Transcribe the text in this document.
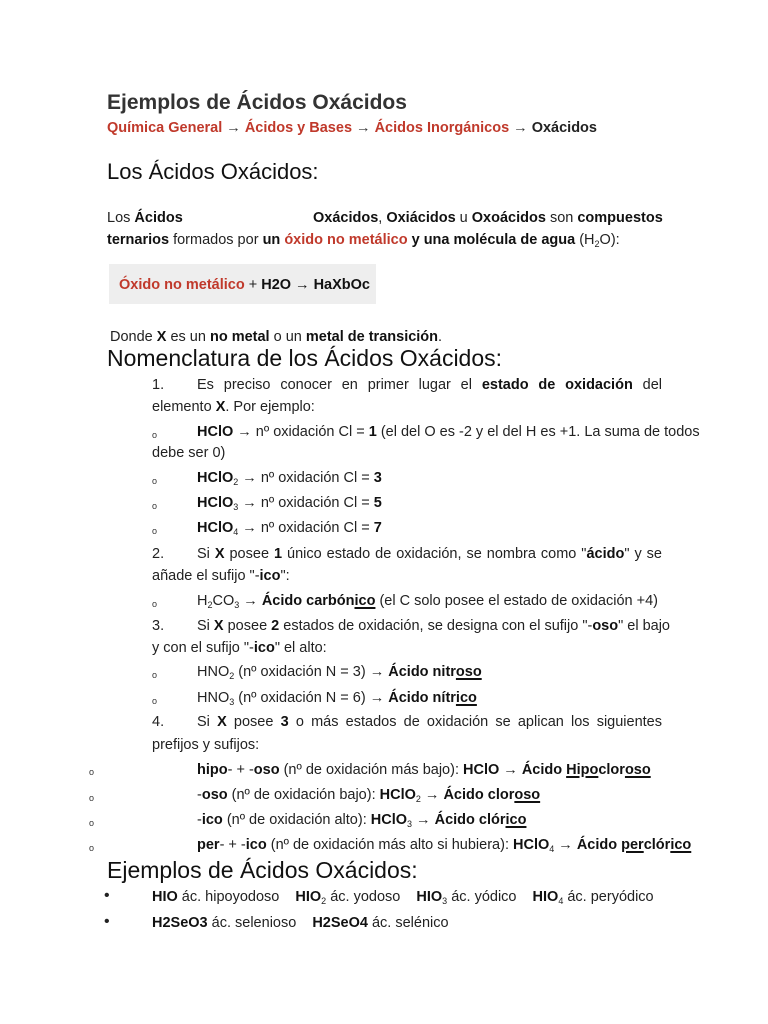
Ejemplos de Ácidos Oxácidos
Química General → Ácidos y Bases → Ácidos Inorgánicos → Oxácidos
Los Ácidos Oxácidos:
Los Ácidos	Oxácidos, Oxiácidos u Oxoácidos son compuestos
ternarios formados por un óxido no metálico y una molécula de agua $(H_2O)$:
Óxido no metálico + H2O → HaXbOc
Donde X es un no metal o un metal de transición.
Nomenclatura de los Ácidos Oxácidos:
1. Es preciso conocer en primer lugar el estado de oxidación del
elemento X. Por ejemplo:
o	HClO → nº oxidación Cl = 1 (el del O es -2 y el del H es +1. La suma de todos
debe ser 0)
o	HClO$_2$ → nº oxidación Cl = 3
o	HClO$_3$ → nº oxidación Cl = 5
o	HClO$_4$ → nº oxidación Cl = 7
2. Si X posee 1 único estado de oxidación, se nombra como "ácido" y se
añade el sufijo "-ico":
o	$H_2CO_3$ → Ácido carbónico (el C solo posee el estado de oxidación +4)
3. Si X posee 2 estados de oxidación, se designa con el sufijo "-oso" el bajo
y con el sufijo "-ico" el alto:
o	$HNO_2$ (nº oxidación N = 3) → Ácido nitroso
o	$HNO_3$ (nº oxidación N = 6) → Ácido nítrico
4. Si X posee 3 o más estados de oxidación se aplican los siguientes
prefijos y sufijos:
o	hipo- + -oso (nº de oxidación más bajo): HClO → Ácido Hipocloroso
o	-oso (nº de oxidación bajo): HClO$_2$ → Ácido cloroso
o	-ico (nº de oxidación alto): HClO$_3$ → Ácido clórico
o	per- + -ico (nº de oxidación más alto si hubiera): HClO$_4$ → Ácido perclórico
Ejemplos de Ácidos Oxácidos:
•	HIO ác. hipoyodoso $HIO_2$ ác. yodoso $HIO_3$ ác. yódico $HIO_4$ ác. peryódico
•	H2SeO3 ác. selenioso H2SeO4 ác. selénico
